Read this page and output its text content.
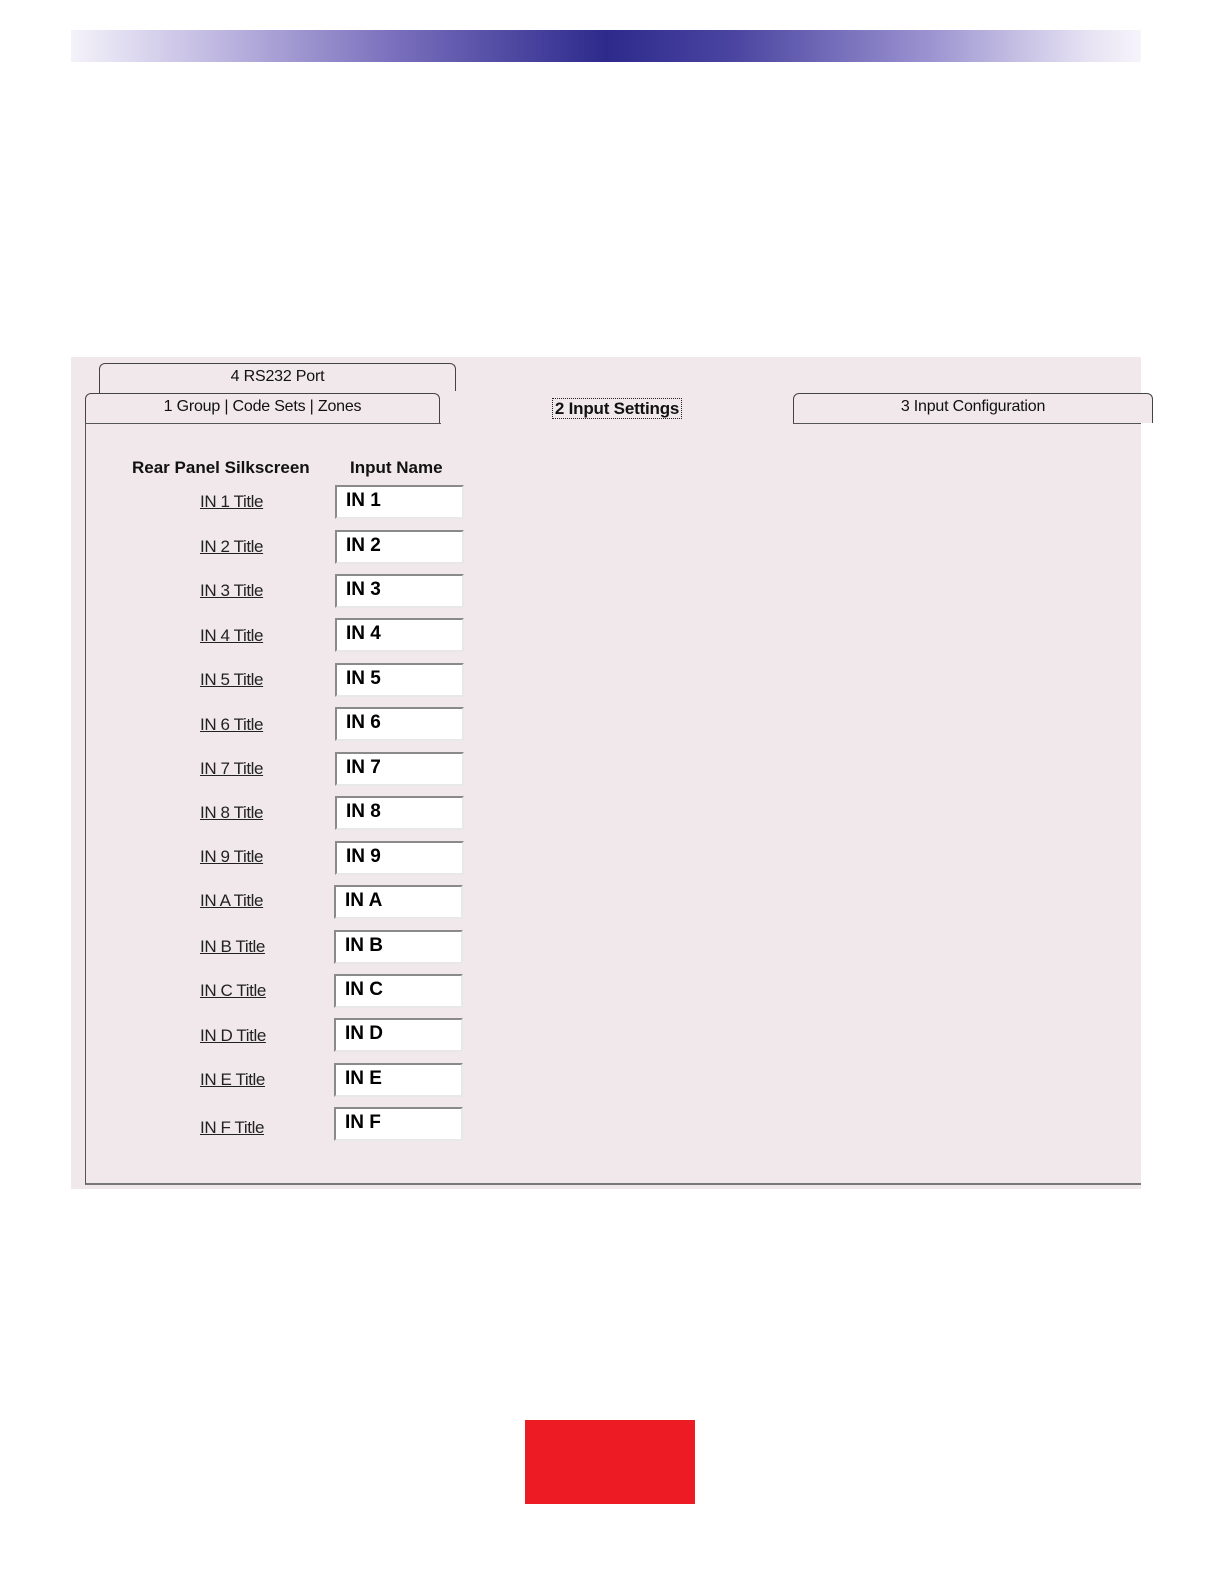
4 RS232 Port
1 Group | Code Sets | Zones	3 Input Configuration
2 Input Settings
Rear Panel Silkscreen Input Name
IN 1 Title	IN 1
IN 2 Title	IN 2
IN 3 Title	IN 3
IN 4 Title	IN 4
IN 5 Title	IN 5
IN 6 Title	IN 6
IN 7 Title	IN 7
IN 8 Title	IN 8
IN 9 Title	IN 9
IN A Title	IN A
IN B Title	IN B
IN C Title	IN C
IN D Title	IN D
IN E Title	IN E
IN F Title	IN F
